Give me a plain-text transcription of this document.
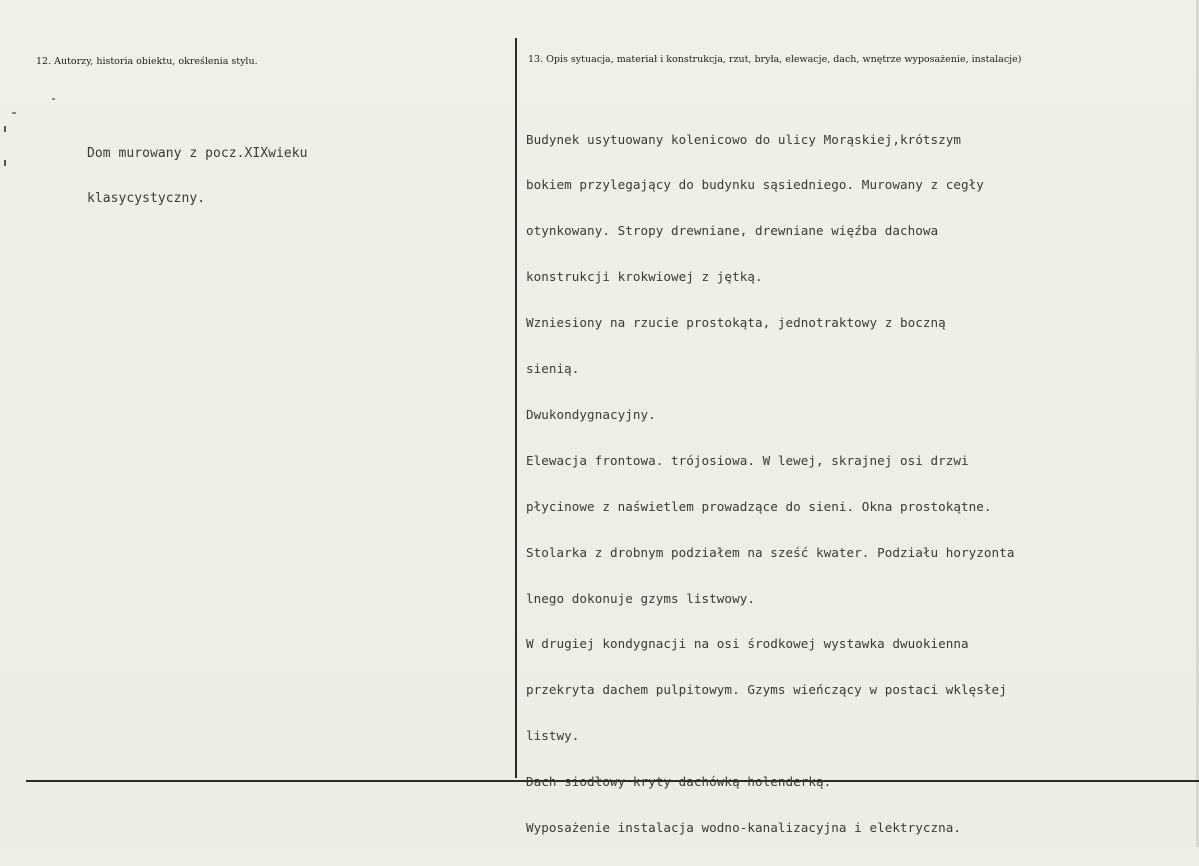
12. Autorzy, historia obiektu, określenia stylu.	13. Opis sytuacja, materiał i konstrukcja, rzut, bryła, elewacje, dach, wnętrze wyposażenie, instalacje)

Dom murowany z pocz.XIXwieku

klasycystyczny.

Budynek usytuowany kolenicowo do ulicy Morąskiej,krótszym

bokiem przylegający do budynku sąsiedniego. Murowany z cegły

otynkowany. Stropy drewniane, drewniane więźba dachowa

konstrukcji krokwiowej z jętką.

Wzniesiony na rzucie prostokąta, jednotraktowy z boczną

sienią.

Dwukondygnacyjny.

Elewacja frontowa. trójosiowa. W lewej, skrajnej osi drzwi

płycinowe z naświetlem prowadzące do sieni. Okna prostokątne.

Stolarka z drobnym podziałem na sześć kwater. Podziału horyzonta

lnego dokonuje gzyms listwowy.

W drugiej kondygnacji na osi środkowej wystawka dwuokienna

przekryta dachem pulpitowym. Gzyms wieńczący w postaci wklęsłej

listwy.

Dach siodłowy kryty dachówką holenderką.

Wyposażenie instalacja wodno-kanalizacyjna i elektryczna.
